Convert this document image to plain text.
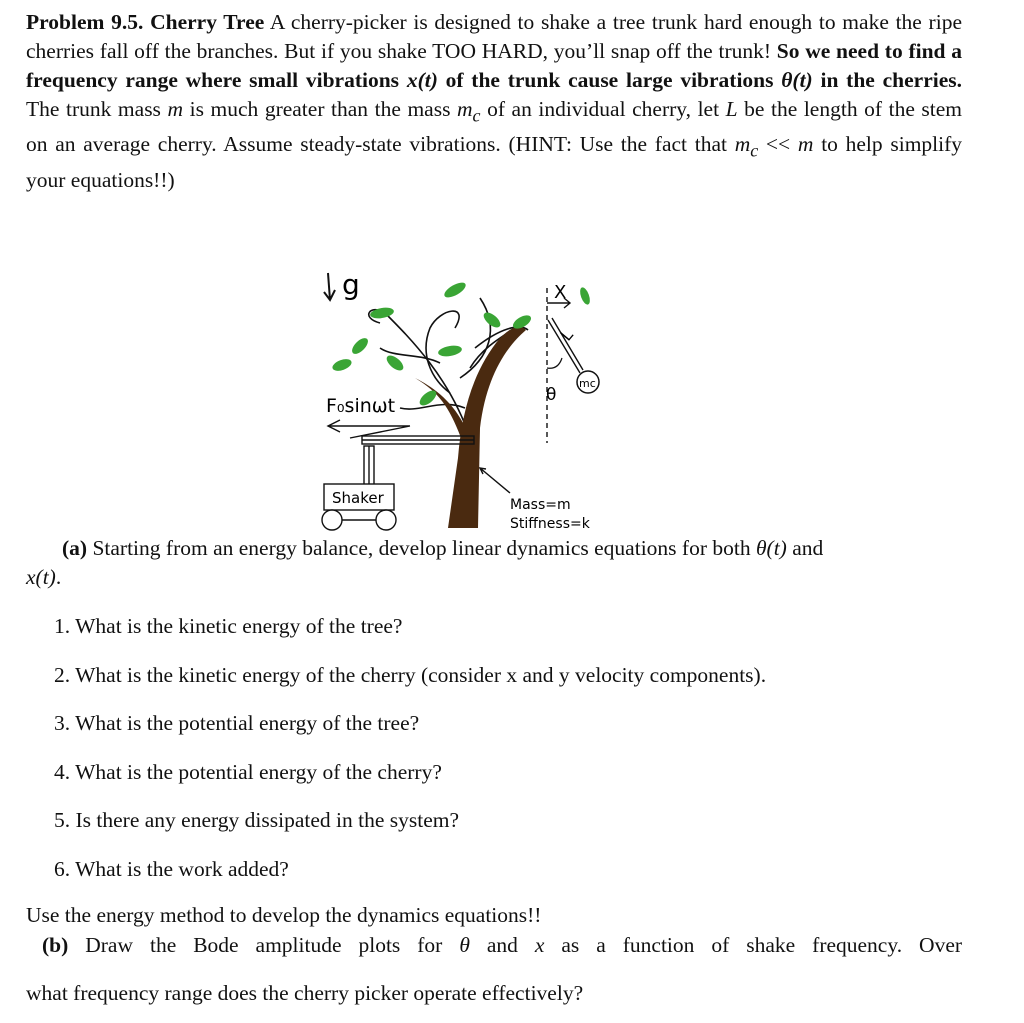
Problem 9.5. Cherry Tree A cherry-picker is designed to shake a tree trunk hard enough to make the ripe cherries fall off the branches. But if you shake TOO HARD, you’ll snap off the trunk! So we need to find a frequency range where small vibrations x(t) of the trunk cause large vibrations θ(t) in the cherries. The trunk mass m is much greater than the mass $m_c$ of an individual cherry, let L be the length of the stem on an average cherry. Assume steady-state vibrations. (HINT: Use the fact that $m_c << m$ to help simplify your equations!!)
g	X
L
θ
mc
F₀sinωt
Shaker	Mass=m
Stiffness=k
(a) Starting from an energy balance, develop linear dynamics equations for both θ(t) and
x(t).
1. What is the kinetic energy of the tree?
2. What is the kinetic energy of the cherry (consider x and y velocity components).
3. What is the potential energy of the tree?
4. What is the potential energy of the cherry?
5. Is there any energy dissipated in the system?
6. What is the work added?
Use the energy method to develop the dynamics equations!!
(b) Draw the Bode amplitude plots for θ and x as a function of shake frequency. Over
what frequency range does the cherry picker operate effectively?
